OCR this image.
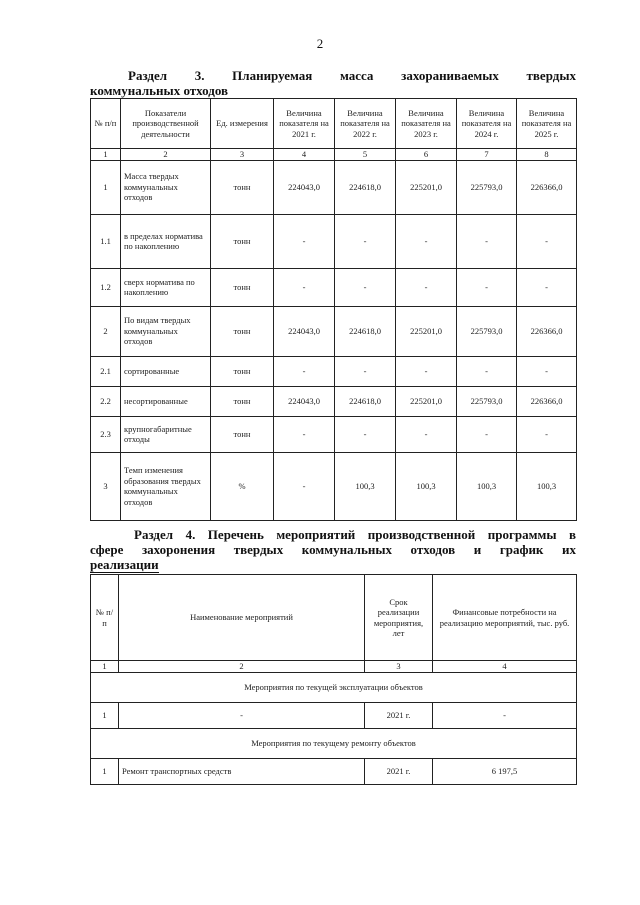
2
Раздел 3. Планируемая масса захораниваемых твердых
коммунальных отходов
№ п/п	Показатели производственной деятельности	Ед. измерения	Величина показателя на 2021 г.	Величина показателя на 2022 г.	Величина показателя на 2023 г.	Величина показателя на 2024 г.	Величина показателя на 2025 г.
1	2	3	4	5	6	7	8
1	Масса твердых коммунальных отходов	тонн	224043,0	224618,0	225201,0	225793,0	226366,0
1.1	в пределах норматива по накоплению	тонн	-	-	-	-	-
1.2	сверх норматива по накоплению	тонн	-	-	-	-	-
2	По видам твердых коммунальных отходов	тонн	224043,0	224618,0	225201,0	225793,0	226366,0
2.1	сортированные	тонн	-	-	-	-	-
2.2	несортированные	тонн	224043,0	224618,0	225201,0	225793,0	226366,0
2.3	крупногабаритные отходы	тонн	-	-	-	-	-
3	Темп изменения образования твердых коммунальных отходов	%	-	100,3	100,3	100,3	100,3
Раздел 4. Перечень мероприятий производственной программы в
сфере захоронения твердых коммунальных отходов и график их
реализации
№ п/п	Наименование мероприятий	Срок реализации мероприятия, лет	Финансовые потребности на реализацию мероприятий, тыс. руб.
1	2	3	4
Мероприятия по текущей эксплуатации объектов			
1	-	2021 г.	-
Мероприятия по текущему ремонту объектов			
1	Ремонт транспортных средств	2021 г.	6 197,5
